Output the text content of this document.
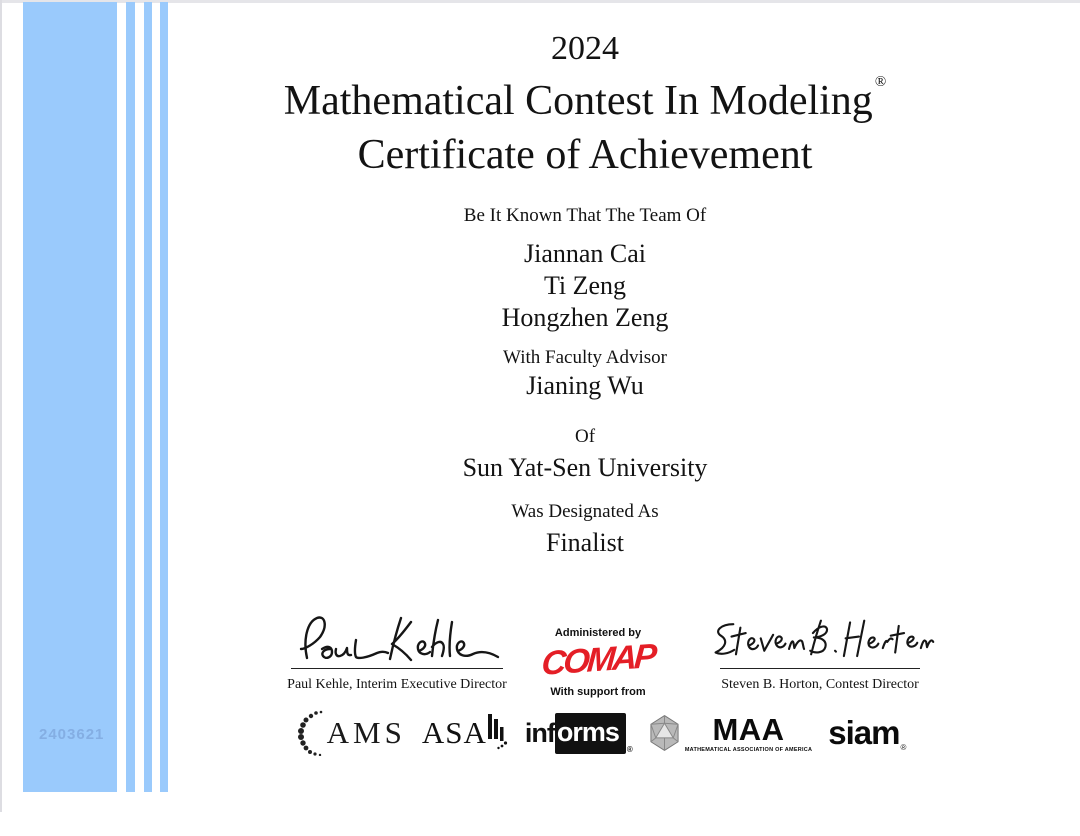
2403621
2024
Mathematical Contest In Modeling ®
Certificate of Achievement
Be It Known That The Team Of
Jiannan Cai
Ti Zeng
Hongzhen Zeng
With Faculty Advisor
Jianing Wu
Of
Sun Yat-Sen University
Was Designated As
Finalist
Paul Kehle, Interim Executive Director
Administered by
COMAP
With support from
Steven B. Horton, Contest Director
AMS ASA inf orms
®
MAA
MATHEMATICAL ASSOCIATION OF AMERICA siam ®
